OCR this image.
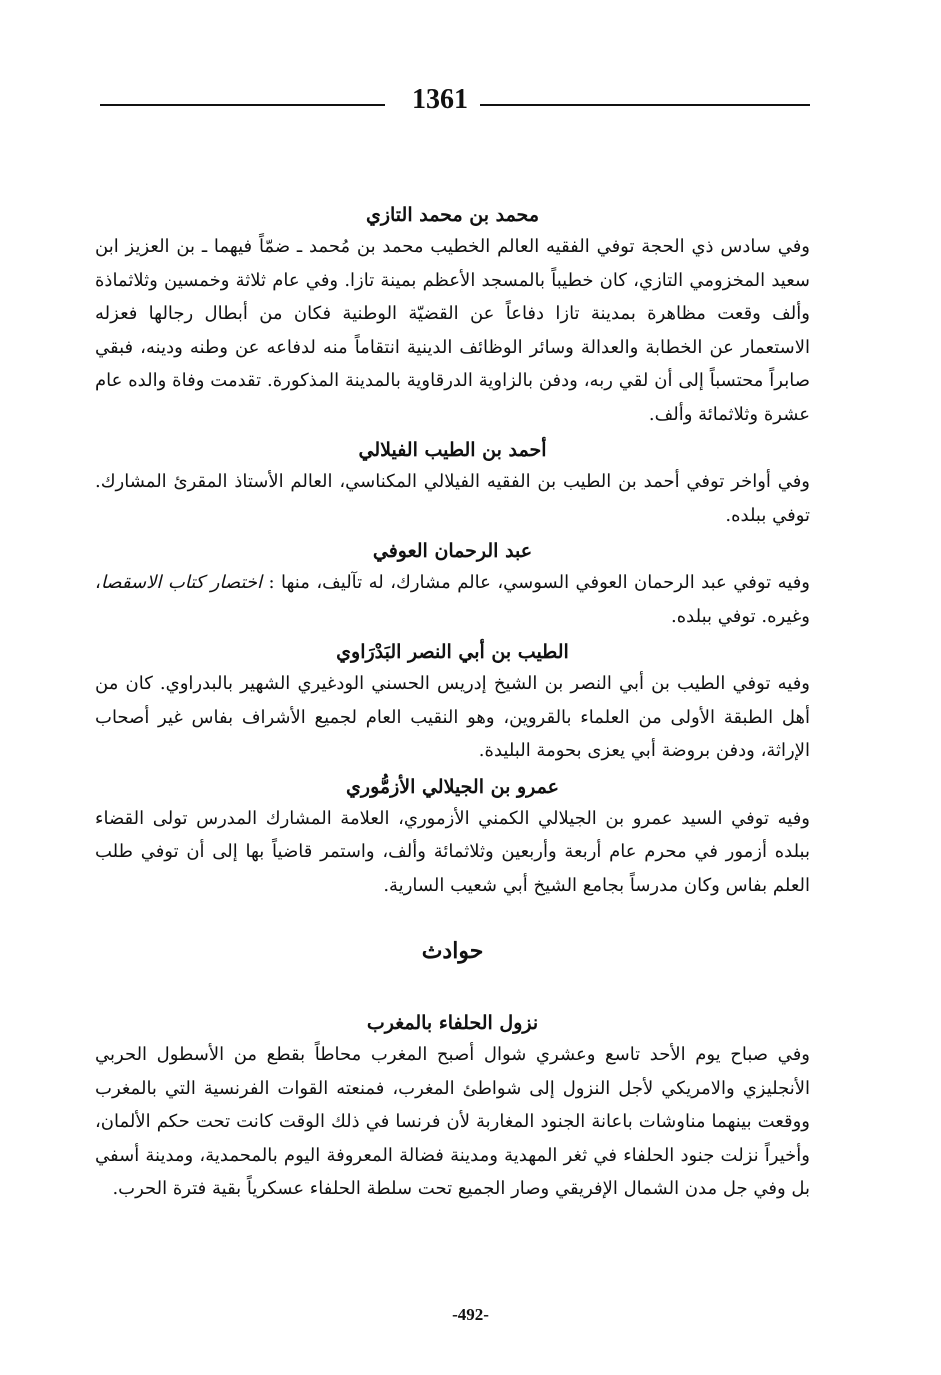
1361
محمد بن محمد التازي

وفي سادس ذي الحجة توفي الفقيه العالم الخطيب محمد بن مُحمد ـ ضمّاً فيهما ـ بن العزيز ابن سعيد المخزومي التازي، كان خطيباً بالمسجد الأعظم بمينة تازا. وفي عام ثلاثة وخمسين وثلاثماذة وألف وقعت مظاهرة بمدينة تازا دفاعاً عن القضيّة الوطنية فكان من أبطال رجالها فعزله الاستعمار عن الخطابة والعدالة وسائر الوظائف الدينية انتقاماً منه لدفاعه عن وطنه ودينه، فبقي صابراً محتسباً إلى أن لقي ربه، ودفن بالزاوية الدرقاوية بالمدينة المذكورة. تقدمت وفاة والده عام عشرة وثلاثمائة وألف.

أحمد بن الطيب الفيلالي

وفي أواخر توفي أحمد بن الطيب بن الفقيه الفيلالي المكناسي، العالم الأستاذ المقرئ المشارك. توفي ببلده.

عبد الرحمان العوفي

وفيه توفي عبد الرحمان العوفي السوسي، عالم مشارك، له تآليف، منها : اختصار كتاب الاسقصا، وغيره. توفي ببلده.

الطيب بن أبي النصر البَدْرَاوي

وفيه توفي الطيب بن أبي النصر بن الشيخ إدريس الحسني الودغيري الشهير بالبدراوي. كان من أهل الطبقة الأولى من العلماء بالقروين، وهو النقيب العام لجميع الأشراف بفاس غير أصحاب الإراثة، ودفن بروضة أبي يعزى بحومة البليدة.

عمرو بن الجيلالي الأزمُّوري

وفيه توفي السيد عمرو بن الجيلالي الكمني الأزموري، العلامة المشارك المدرس تولى القضاء ببلده أزمور في محرم عام أربعة وأربعين وثلاثمائة وألف، واستمر قاضياً بها إلى أن توفي طلب العلم بفاس وكان مدرساً بجامع الشيخ أبي شعيب السارية.

حوادث
نزول الحلفاء بالمغرب

وفي صباح يوم الأحد تاسع وعشري شوال أصبح المغرب محاطاً بقطع من الأسطول الحربي الأنجليزي والامريكي لأجل النزول إلى شواطئ المغرب، فمنعته القوات الفرنسية التي بالمغرب ووقعت بينهما مناوشات باعانة الجنود المغاربة لأن فرنسا في ذلك الوقت كانت تحت حكم الألمان، وأخيراً نزلت جنود الحلفاء في ثغر المهدية ومدينة فضالة المعروفة اليوم بالمحمدية، ومدينة أسفي بل وفي جل مدن الشمال الإفريقي وصار الجميع تحت سلطة الحلفاء عسكرياً بقية فترة الحرب.

-492-
